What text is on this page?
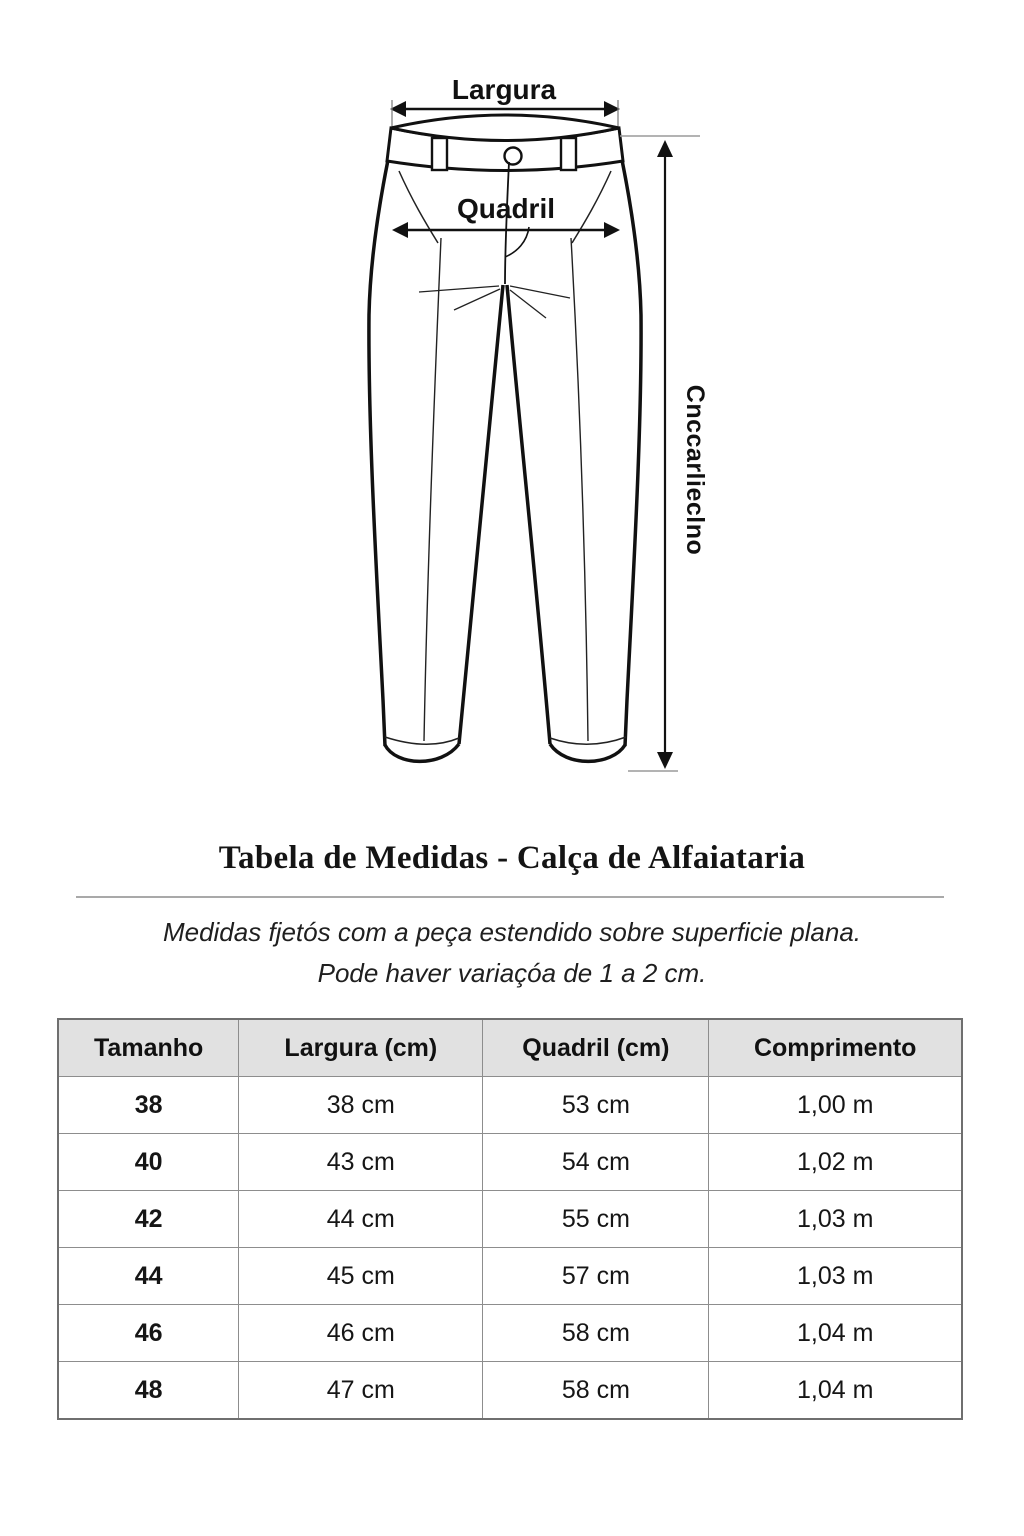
Largura
Quadril
Cnccarlieclno
Tabela de Medidas - Calça de Alfaiataria
Medidas fjetós com a peça estendido sobre superficie plana.
Pode haver variaçóa de 1 a 2 cm.
Tamanho	Largura (cm)	Quadril (cm)	Comprimento
38	38 cm	53 cm	1,00 m
40	43 cm	54 cm	1,02 m
42	44 cm	55 cm	1,03 m
44	45 cm	57 cm	1,03 m
46	46 cm	58 cm	1,04 m
48	47 cm	58 cm	1,04 m
